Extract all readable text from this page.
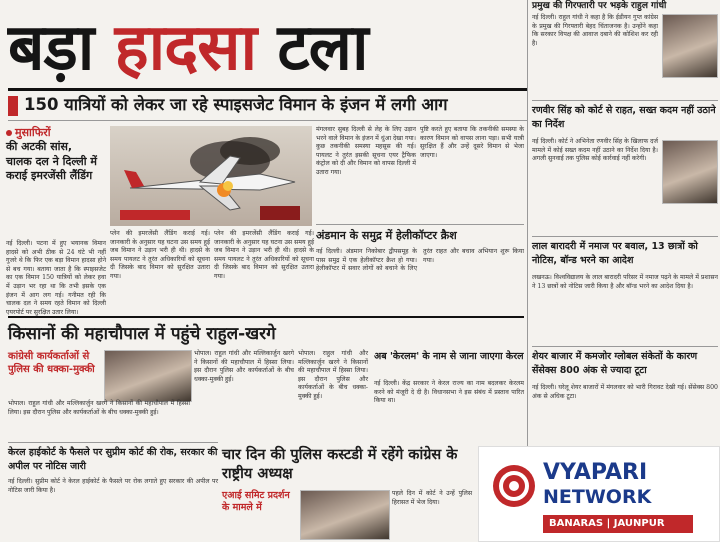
बड़ा हादसा टला
150 यात्रियों को लेकर जा रहे स्पाइसजेट विमान के इंजन में लगी आग
मुसाफिरों
की अटकी सांस,
चालक दल ने दिल्ली में कराई इमरजेंसी लैंडिंग
नई दिल्ली। पटना में हुए भयानक विमान हादसे को अभी ठीक से 24 घंटे भी नहीं गुजरे थे कि फिर एक बड़ा विमान हादसा होने से बच गया। बताया जाता है कि स्पाइसजेट का एक विमान 150 यात्रियों को लेकर हवा में उड़ान भर रहा था कि तभी इसके एक इंजन में आग लग गई। गनीमत रही कि चालक दल ने समय रहते विमान को दिल्ली एयरपोर्ट पर सुरक्षित उतार लिया।
प्लेन की इमरजेंसी लैंडिंग कराई गई। जानकारी के अनुसार यह घटना उस समय हुई जब विमान ने उड़ान भरी ही थी। हादसे के समय पायलट ने तुरंत अधिकारियों को सूचना दी जिसके बाद विमान को सुरक्षित उतारा गया।
प्लेन की इमरजेंसी लैंडिंग कराई गई। जानकारी के अनुसार यह घटना उस समय हुई जब विमान ने उड़ान भरी ही थी। हादसे के समय पायलट ने तुरंत अधिकारियों को सूचना दी जिसके बाद विमान को सुरक्षित उतारा गया।
मंगलवार सुबह दिल्ली से लेह के लिए उड़ान भरने वाले विमान के इंजन में धुंआ देखा गया। कुछ तकनीकी समस्या महसूस की गई। पायलट ने तुरंत इसकी सूचना एयर ट्रैफिक कंट्रोल को दी और विमान को वापस दिल्ली में उतारा गया।
पुष्टि करते हुए बताया कि तकनीकी समस्या के कारण विमान को वापस लाना पड़ा। सभी यात्री सुरक्षित हैं और उन्हें दूसरे विमान से भेजा जाएगा।
अंडमान के समुद्र में हेलीकॉप्टर क्रैश
नई दिल्ली। अंडमान निकोबार द्वीपसमूह के पास समुद्र में एक हेलीकॉप्टर क्रैश हो गया। हेलीकॉप्टर में सवार लोगों को बचाने के लिए तुरंत राहत और बचाव अभियान शुरू किया गया।
प्रमुख की गिरफ्तारी पर भड़के राहुल गांधी
नई दिल्ली। राहुल गांधी ने कहा है कि ईडीयन गुप्त कांग्रेस के प्रमुख की गिरफ्तारी बेहद चिंताजनक है। उन्होंने कहा कि सरकार विपक्ष की आवाज दबाने की कोशिश कर रही है।
रणवीर सिंह को कोर्ट से राहत, सख्त कदम नहीं उठाने का निर्देश
नई दिल्ली। कोर्ट ने अभिनेता रणवीर सिंह के खिलाफ दर्ज मामले में कोई सख्त कदम नहीं उठाने का निर्देश दिया है। अगली सुनवाई तक पुलिस कोई कार्रवाई नहीं करेगी।
लाल बारादरी में नमाज पर बवाल, 13 छात्रों को नोटिस, बॉन्ड भरने का आदेश
लखनऊ। विश्वविद्यालय के लाल बारादरी परिसर में नमाज पढ़ने के मामले में प्रशासन ने 13 छात्रों को नोटिस जारी किया है और बॉन्ड भरने का आदेश दिया है।
शेयर बाजार में कमजोर ग्लोबल संकेतों के कारण सेंसेक्स 800 अंक से ज्यादा टूटा
नई दिल्ली। घरेलू शेयर बाजारों में मंगलवार को भारी गिरावट देखी गई। सेंसेक्स 800 अंक से अधिक टूटा।
किसानों की महाचौपाल में पहुंचे राहुल-खरगे
कांग्रेसी कार्यकर्ताओं से पुलिस की धक्का-मुक्की
भोपाल। राहुल गांधी और मल्लिकार्जुन खरगे ने किसानों की महाचौपाल में हिस्सा लिया। इस दौरान पुलिस और कार्यकर्ताओं के बीच धक्का-मुक्की हुई।
भोपाल। राहुल गांधी और मल्लिकार्जुन खरगे ने किसानों की महाचौपाल में हिस्सा लिया। इस दौरान पुलिस और कार्यकर्ताओं के बीच धक्का-मुक्की हुई।
भोपाल। राहुल गांधी और मल्लिकार्जुन खरगे ने किसानों की महाचौपाल में हिस्सा लिया। इस दौरान पुलिस और कार्यकर्ताओं के बीच धक्का-मुक्की हुई।
अब 'केरलम' के नाम से जाना जाएगा केरल
नई दिल्ली। केंद्र सरकार ने केरल राज्य का नाम बदलकर केरलम करने को मंजूरी दे दी है। विधानसभा ने इस संबंध में प्रस्ताव पारित किया था।
केरल हाईकोर्ट के फैसले पर सुप्रीम कोर्ट की रोक, सरकार की अपील पर नोटिस जारी
नई दिल्ली। सुप्रीम कोर्ट ने केरल हाईकोर्ट के फैसले पर रोक लगाते हुए सरकार की अपील पर नोटिस जारी किया है।
चार दिन की पुलिस कस्टडी में रहेंगे कांग्रेस के राष्ट्रीय अध्यक्ष
एआई समिट प्रदर्शन के मामले में
पहले दिन में कोर्ट ने उन्हें पुलिस हिरासत में भेज दिया।
VYAPARI
NETWORK
BANARAS | JAUNPUR
